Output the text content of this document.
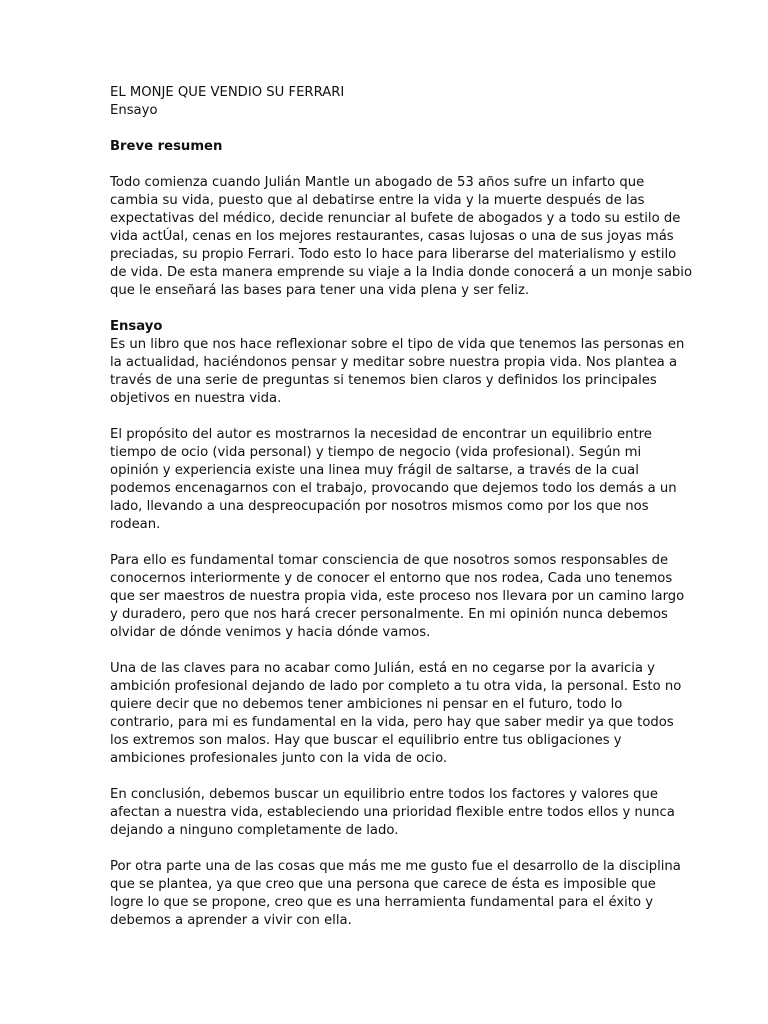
EL MONJE QUE VENDIO SU FERRARI
Ensayo
Breve resumen
Todo comienza cuando Julián Mantle un abogado de 53 años sufre un infarto que
cambia su vida, puesto que al debatirse entre la vida y la muerte después de las
expectativas del médico, decide renunciar al bufete de abogados y a todo su estilo de
vida actÚal, cenas en los mejores restaurantes, casas lujosas o una de sus joyas más
preciadas, su propio Ferrari. Todo esto lo hace para liberarse del materialismo y estilo
de vida. De esta manera emprende su viaje a la India donde conocerá a un monje sabio
que le enseñará las bases para tener una vida plena y ser feliz.
Ensayo
Es un libro que nos hace reflexionar sobre el tipo de vida que tenemos las personas en
la actualidad, haciéndonos pensar y meditar sobre nuestra propia vida. Nos plantea a
través de una serie de preguntas si tenemos bien claros y definidos los principales
objetivos en nuestra vida.
El propósito del autor es mostrarnos la necesidad de encontrar un equilibrio entre
tiempo de ocio (vida personal) y tiempo de negocio (vida profesional). Según mi
opinión y experiencia existe una linea muy frágil de saltarse, a través de la cual
podemos encenagarnos con el trabajo, provocando que dejemos todo los demás a un
lado, llevando a una despreocupación por nosotros mismos como por los que nos
rodean.
Para ello es fundamental tomar consciencia de que nosotros somos responsables de
conocernos interiormente y de conocer el entorno que nos rodea, Cada uno tenemos
que ser maestros de nuestra propia vida, este proceso nos llevara por un camino largo
y duradero, pero que nos hará crecer personalmente. En mi opinión nunca debemos
olvidar de dónde venimos y hacia dónde vamos.
Una de las claves para no acabar como Julián, está en no cegarse por la avaricia y
ambición profesional dejando de lado por completo a tu otra vida, la personal. Esto no
quiere decir que no debemos tener ambiciones ni pensar en el futuro, todo lo
contrario, para mi es fundamental en la vida, pero hay que saber medir ya que todos
los extremos son malos. Hay que buscar el equilibrio entre tus obligaciones y
ambiciones profesionales junto con la vida de ocio.
En conclusión, debemos buscar un equilibrio entre todos los factores y valores que
afectan a nuestra vida, estableciendo una prioridad flexible entre todos ellos y nunca
dejando a ninguno completamente de lado.
Por otra parte una de las cosas que más me me gusto fue el desarrollo de la disciplina
que se plantea, ya que creo que una persona que carece de ésta es imposible que
logre lo que se propone, creo que es una herramienta fundamental para el éxito y
debemos a aprender a vivir con ella.
